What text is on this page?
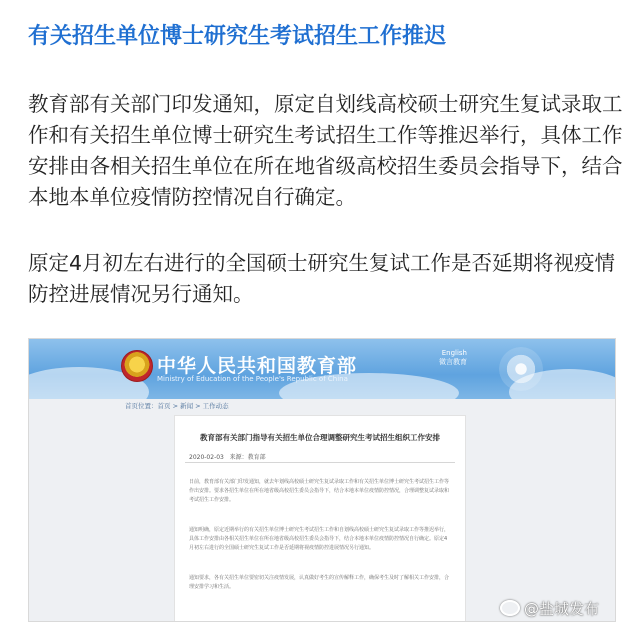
有关招生单位博士研究生考试招生工作推迟

教育部有关部门印发通知，原定自划线高校硕士研究生复试录取工作和有关招生单位博士研究生考试招生工作等推迟举行，具体工作安排由各相关招生单位在所在地省级高校招生委员会指导下，结合本地本单位疫情防控情况自行确定。

原定4月初左右进行的全国硕士研究生复试工作是否延期将视疫情防控进展情况另行通知。

中华人民共和国教育部
Ministry of Education of the People's Republic of China
English
微言教育
首页位置：首页 > 新闻 > 工作动态
教育部有关部门指导有关招生单位合理调整研究生考试招生组织工作安排
2020-02-03 来源：教育部

日前，教育部有关部门印发通知，就去年划线高校硕士研究生复试录取工作和有关招生单位博士研究生考试招生工作等作出安排。要求各招生单位在所在地省级高校招生委员会指导下，结合本地本单位疫情防控情况，合理调整复试录取和考试招生工作安排。

通知明确，原定近期举行的有关招生单位博士研究生考试招生工作和自划线高校硕士研究生复试录取工作等推迟举行，具体工作安排由各相关招生单位在所在地省级高校招生委员会指导下，结合本地本单位疫情防控情况自行确定。原定4月初左右进行的全国硕士研究生复试工作是否延期将视疫情防控进展情况另行通知。

通知要求，各有关招生单位要密切关注疫情发展，认真做好考生的宣传解释工作，确保考生及时了解相关工作安排，合理安排学习和生活。

@盐城发布
